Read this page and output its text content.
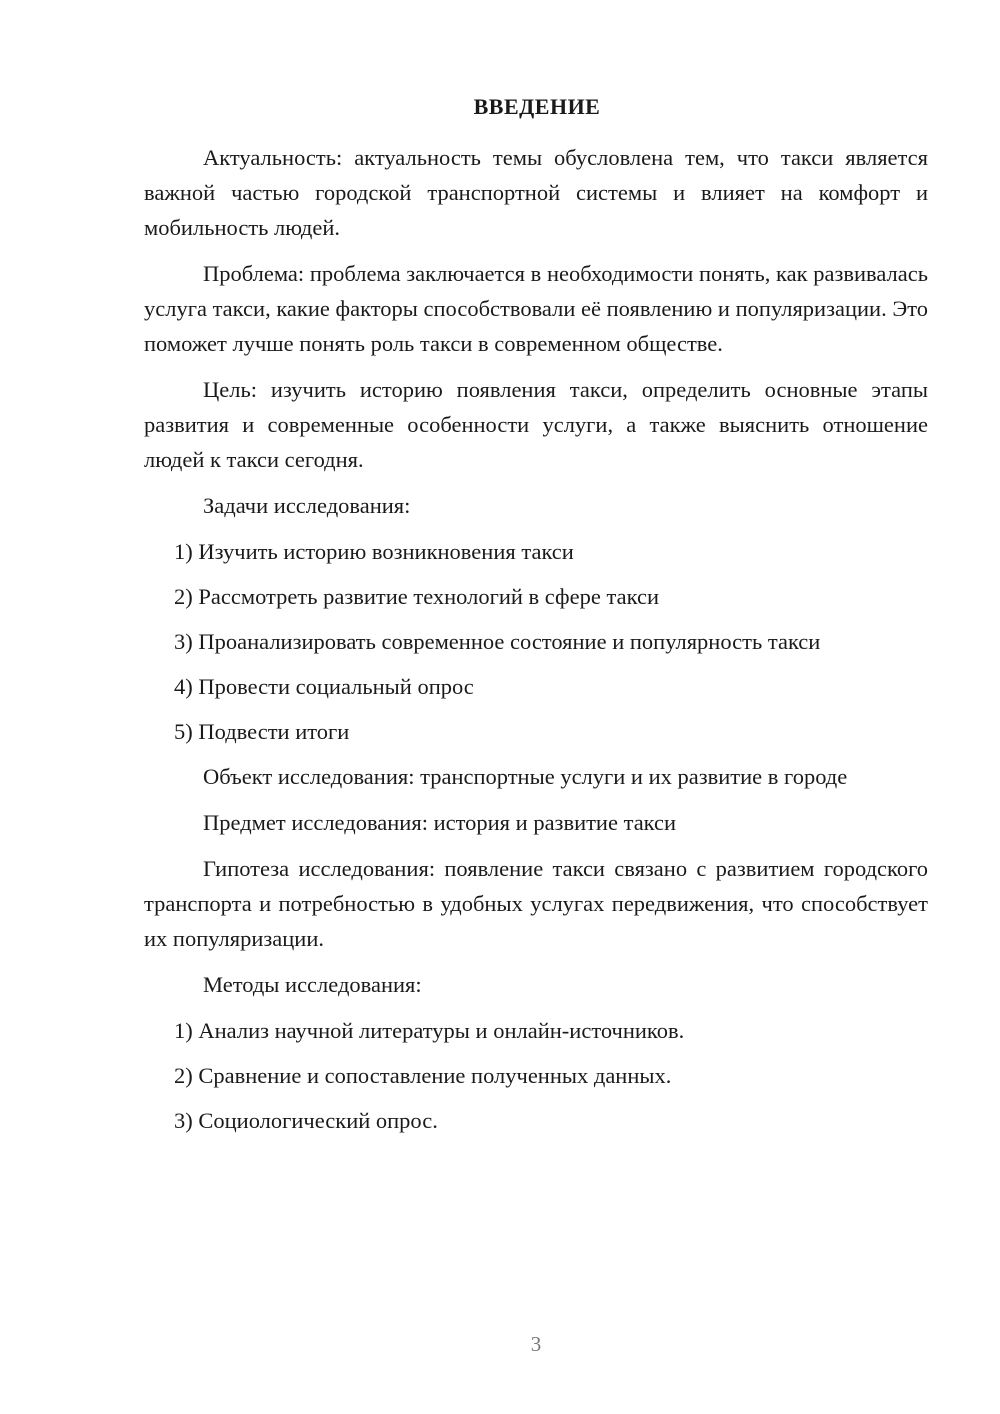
ВВЕДЕНИЕ

Актуальность: актуальность темы обусловлена тем, что такси является важной частью городской транспортной системы и влияет на комфорт и мобильность людей.

Проблема: проблема заключается в необходимости понять, как развивалась услуга такси, какие факторы способствовали её появлению и популяризации. Это поможет лучше понять роль такси в современном обществе.

Цель: изучить историю появления такси, определить основные этапы развития и современные особенности услуги, а также выяснить отношение людей к такси сегодня.

Задачи исследования:

1) Изучить историю возникновения такси

2) Рассмотреть развитие технологий в сфере такси

3) Проанализировать современное состояние и популярность такси

4) Провести социальный опрос

5) Подвести итоги

Объект исследования: транспортные услуги и их развитие в городе

Предмет исследования: история и развитие такси

Гипотеза исследования: появление такси связано с развитием городского транспорта и потребностью в удобных услугах передвижения, что способствует их популяризации.

Методы исследования:

1) Анализ научной литературы и онлайн-источников.

2) Сравнение и сопоставление полученных данных.

3) Социологический опрос.

3
